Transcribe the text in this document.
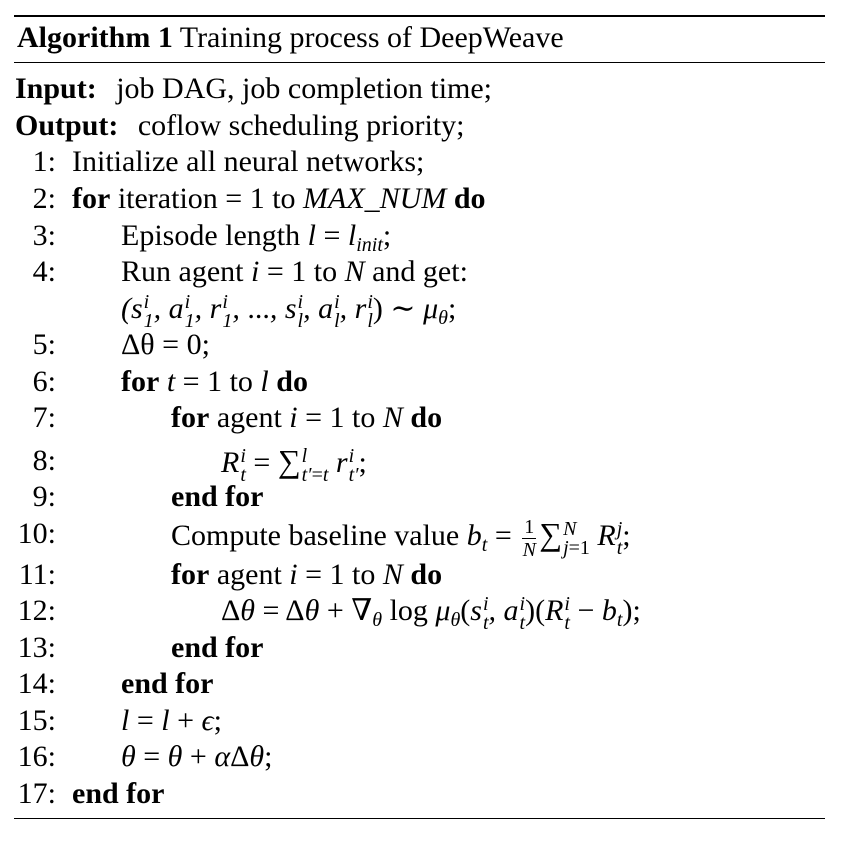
Algorithm 1 Training process of DeepWeave
Input: job DAG, job completion time;
Output: coflow scheduling priority;
1: Initialize all neural networks;
2: for iteration = 1 to MAX_NUM do
3: Episode length $l = l_{init}$;
4: Run agent i = 1 to N and get:
(s i
1 , a i
1 , r i
1 , ..., s i
l , a i
l , r i
l ) ∼ $\mu_\theta$;
5: Δθ = 0;
6: for t = 1 to l do
7:	for agent i = 1 to N do
8:	R i
t = ∑ l
t′=t r i
t′ ;
9:	end for
10:	Compute baseline value $b_t = \frac{1}{N}$ ∑ N
j=1 R j
t ;
11:	for agent i = 1 to N do
12:	$\Delta\theta = \Delta\theta + \nabla_\theta$ $\log \mu_\theta(s$ i
t , a i
t )(R i
$t - b_t$);
13:	end for
14: end for
15: l = l + ϵ;
16: θ = θ + αΔθ;
17: end for
